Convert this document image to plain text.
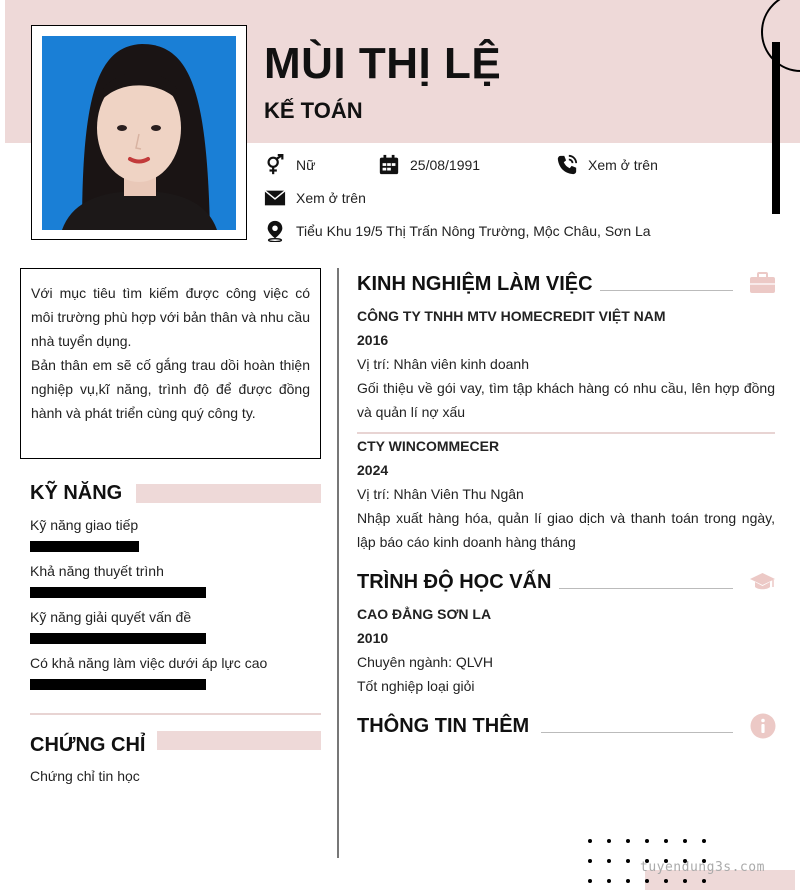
MÙI THỊ LỆ
KẾ TOÁN
Nữ	25/08/1991	Xem ở trên
Xem ở trên
Tiểu Khu 19/5 Thị Trấn Nông Trường, Mộc Châu, Sơn La

Với mục tiêu tìm kiếm được công việc có môi trường phù hợp với bản thân và nhu cầu nhà tuyển dụng.

Bản thân em sẽ cố gắng trau dồi hoàn thiện nghiệp vụ,kĩ năng, trình độ để được đồng hành và phát triển cùng quý công ty.

KỸ NĂNG
Kỹ năng giao tiếp
Khả năng thuyết trình
Kỹ năng giải quyết vấn đề
Có khả năng làm việc dưới áp lực cao
CHỨNG CHỈ
Chứng chỉ tin học
KINH NGHIỆM LÀM VIỆC
CÔNG TY TNHH MTV HOMECREDIT VIỆT NAM
2016
Vị trí: Nhân viên kinh doanh
Gối thiệu về gói vay, tìm tập khách hàng có nhu cầu, lên hợp đồng và quản lí nợ xấu
CTY WINCOMMECER
2024
Vị trí: Nhân Viên Thu Ngân
Nhập xuất hàng hóa, quản lí giao dịch và thanh toán trong ngày, lập báo cáo kinh doanh hàng tháng
TRÌNH ĐỘ HỌC VẤN
CAO ĐẲNG SƠN LA
2010
Chuyên ngành: QLVH
Tốt nghiệp loại giỏi
THÔNG TIN THÊM
tuyendung3s.com
